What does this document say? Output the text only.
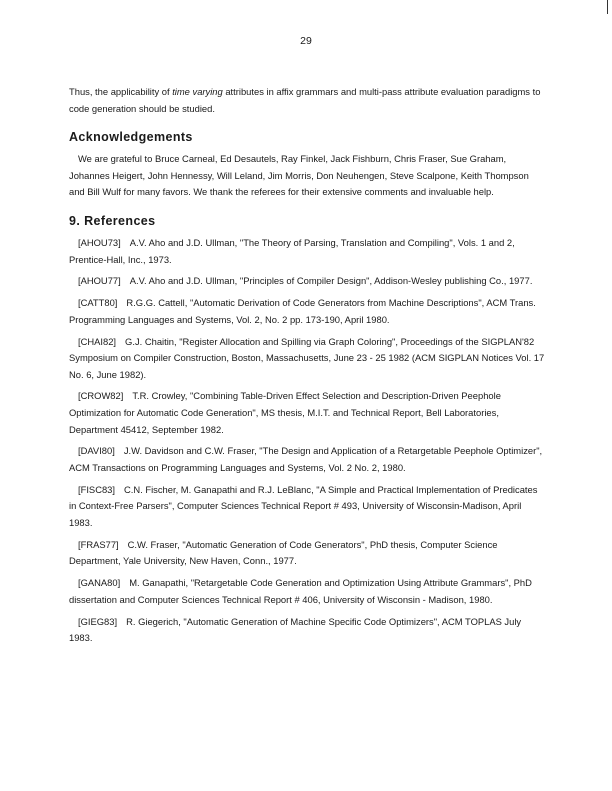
29

Thus, the applicability of time varying attributes in affix grammars and multi-pass attribute evaluation paradigms to code generation should be studied.

Acknowledgements

We are grateful to Bruce Carneal, Ed Desautels, Ray Finkel, Jack Fishburn, Chris Fraser, Sue Graham, Johannes Heigert, John Hennessy, Will Leland, Jim Morris, Don Neuhengen, Steve Scalpone, Keith Thompson and Bill Wulf for many favors. We thank the referees for their extensive comments and invaluable help.

9. References

[AHOU73] A.V. Aho and J.D. Ullman, "The Theory of Parsing, Translation and Compiling", Vols. 1 and 2, Prentice-Hall, Inc., 1973.

[AHOU77] A.V. Aho and J.D. Ullman, "Principles of Compiler Design", Addison-Wesley publishing Co., 1977.

[CATT80] R.G.G. Cattell, "Automatic Derivation of Code Generators from Machine Descriptions", ACM Trans. Programming Languages and Systems, Vol. 2, No. 2 pp. 173-190, April 1980.

[CHAI82] G.J. Chaitin, "Register Allocation and Spilling via Graph Coloring", Proceedings of the SIGPLAN'82 Symposium on Compiler Construction, Boston, Massachusetts, June 23 - 25 1982 (ACM SIGPLAN Notices Vol. 17 No. 6, June 1982).

[CROW82] T.R. Crowley, "Combining Table-Driven Effect Selection and Description-Driven Peephole Optimization for Automatic Code Generation", MS thesis, M.I.T. and Technical Report, Bell Laboratories, Department 45412, September 1982.

[DAVI80] J.W. Davidson and C.W. Fraser, "The Design and Application of a Retargetable Peephole Optimizer", ACM Transactions on Programming Languages and Systems, Vol. 2 No. 2, 1980.

[FISC83] C.N. Fischer, M. Ganapathi and R.J. LeBlanc, "A Simple and Practical Implementation of Predicates in Context-Free Parsers", Computer Sciences Technical Report # 493, University of Wisconsin-Madison, April 1983.

[FRAS77] C.W. Fraser, "Automatic Generation of Code Generators", PhD thesis, Computer Science Department, Yale University, New Haven, Conn., 1977.

[GANA80] M. Ganapathi, "Retargetable Code Generation and Optimization Using Attribute Grammars", PhD dissertation and Computer Sciences Technical Report # 406, University of Wisconsin - Madison, 1980.

[GIEG83] R. Giegerich, "Automatic Generation of Machine Specific Code Optimizers", ACM TOPLAS July 1983.
